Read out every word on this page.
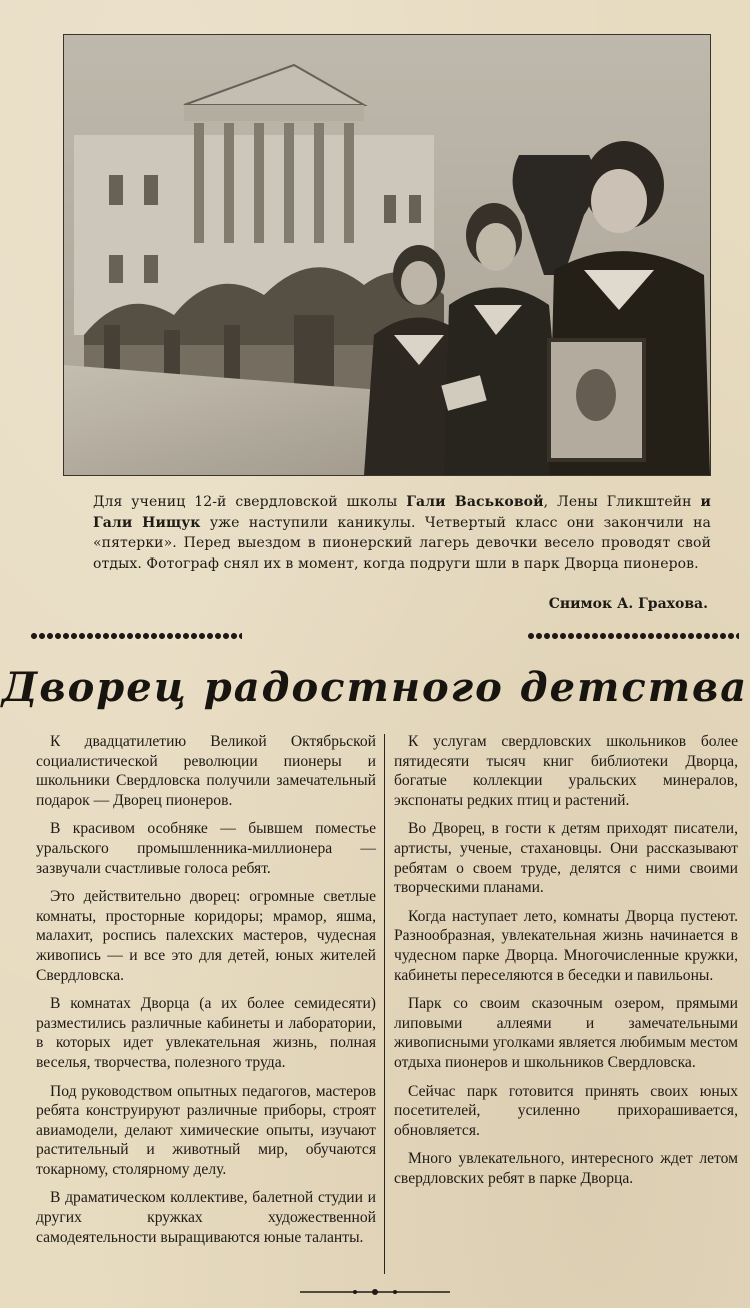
Для учениц 12-й свердловской школы Гали Васьковой, Лены Гликштейн и Гали Нищук уже наступили каникулы. Четвертый класс они закончили на «пятерки». Перед выездом в пионерский лагерь девочки весело проводят свой отдых. Фотограф снял их в момент, когда подруги шли в парк Дворца пионеров.
Снимок А. Грахова.
Дворец радостного детства

К двадцатилетию Великой Октябрьской социалистической революции пионеры и школьники Свердловска получили замечательный подарок — Дворец пионеров.

В красивом особняке — бывшем поместье уральского промышленника-миллионера — зазвучали счастливые голоса ребят.

Это действительно дворец: огромные светлые комнаты, просторные коридоры; мрамор, яшма, малахит, роспись палехских мастеров, чудесная живопись — и все это для детей, юных жителей Свердловска.

В комнатах Дворца (а их более семидесяти) разместились различные кабинеты и лаборатории, в которых идет увлекательная жизнь, полная веселья, творчества, полезного труда.

Под руководством опытных педагогов, мастеров ребята конструируют различные приборы, строят авиамодели, делают химические опыты, изучают растительный и животный мир, обучаются токарному, столярному делу.

В драматическом коллективе, балетной студии и других кружках художественной самодеятельности выращиваются юные таланты.

К услугам свердловских школьников более пятидесяти тысяч книг библиотеки Дворца, богатые коллекции уральских минералов, экспонаты редких птиц и растений.

Во Дворец, в гости к детям приходят писатели, артисты, ученые, стахановцы. Они рассказывают ребятам о своем труде, делятся с ними своими творческими планами.

Когда наступает лето, комнаты Дворца пустеют. Разнообразная, увлекательная жизнь начинается в чудесном парке Дворца. Многочисленные кружки, кабинеты переселяются в беседки и павильоны.

Парк со своим сказочным озером, прямыми липовыми аллеями и замечательными живописными уголками является любимым местом отдыха пионеров и школьников Свердловска.

Сейчас парк готовится принять своих юных посетителей, усиленно прихорашивается, обновляется.

Много увлекательного, интересного ждет летом свердловских ребят в парке Дворца.
